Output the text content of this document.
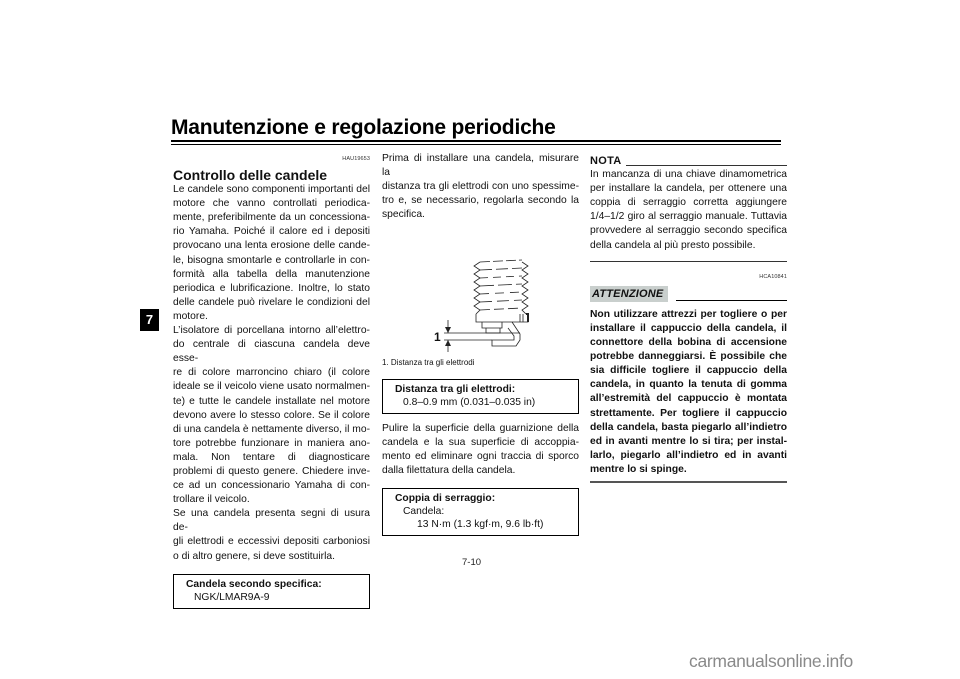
Manutenzione e regolazione periodiche
7
HAU19653
Controllo delle candele

Le candele sono componenti importanti del
motore che vanno controllati periodica-
mente, preferibilmente da un concessiona-
rio Yamaha. Poiché il calore ed i depositi
provocano una lenta erosione delle cande-
le, bisogna smontarle e controllarle in con-
formità alla tabella della manutenzione
periodica e lubrificazione. Inoltre, lo stato
delle candele può rivelare le condizioni del
motore.

L’isolatore di porcellana intorno all’elettro-
do centrale di ciascuna candela deve esse-
re di colore marroncino chiaro (il colore
ideale se il veicolo viene usato normalmen-
te) e tutte le candele installate nel motore
devono avere lo stesso colore. Se il colore
di una candela è nettamente diverso, il mo-
tore potrebbe funzionare in maniera ano-
mala. Non tentare di diagnosticare
problemi di questo genere. Chiedere inve-
ce ad un concessionario Yamaha di con-
trollare il veicolo.

Se una candela presenta segni di usura de-
gli elettrodi e eccessivi depositi carboniosi
o di altro genere, si deve sostituirla.

Candela secondo specifica:
NGK/LMAR9A-9

Prima di installare una candela, misurare la
distanza tra gli elettrodi con uno spessime-
tro e, se necessario, regolarla secondo la
specifica.

1
1. Distanza tra gli elettrodi
Distanza tra gli elettrodi:
0.8–0.9 mm (0.031–0.035 in)

Pulire la superficie della guarnizione della
candela e la sua superficie di accoppia-
mento ed eliminare ogni traccia di sporco
dalla filettatura della candela.

Coppia di serraggio:
Candela:
13 N·m (1.3 kgf·m, 9.6 lb·ft)
NOTA

In mancanza di una chiave dinamometrica
per installare la candela, per ottenere una
coppia di serraggio corretta aggiungere
1/4–1/2 giro al serraggio manuale. Tuttavia
provvedere al serraggio secondo specifica
della candela al più presto possibile.

HCA10841
ATTENZIONE

Non utilizzare attrezzi per togliere o per
installare il cappuccio della candela, il
connettore della bobina di accensione
potrebbe danneggiarsi. È possibile che
sia difficile togliere il cappuccio della
candela, in quanto la tenuta di gomma
all’estremità del cappuccio è montata
strettamente. Per togliere il cappuccio
della candela, basta piegarlo all’indietro
ed in avanti mentre lo si tira; per instal-
larlo, piegarlo all’indietro ed in avanti
mentre lo si spinge.

7-10
carmanualsonline.info
